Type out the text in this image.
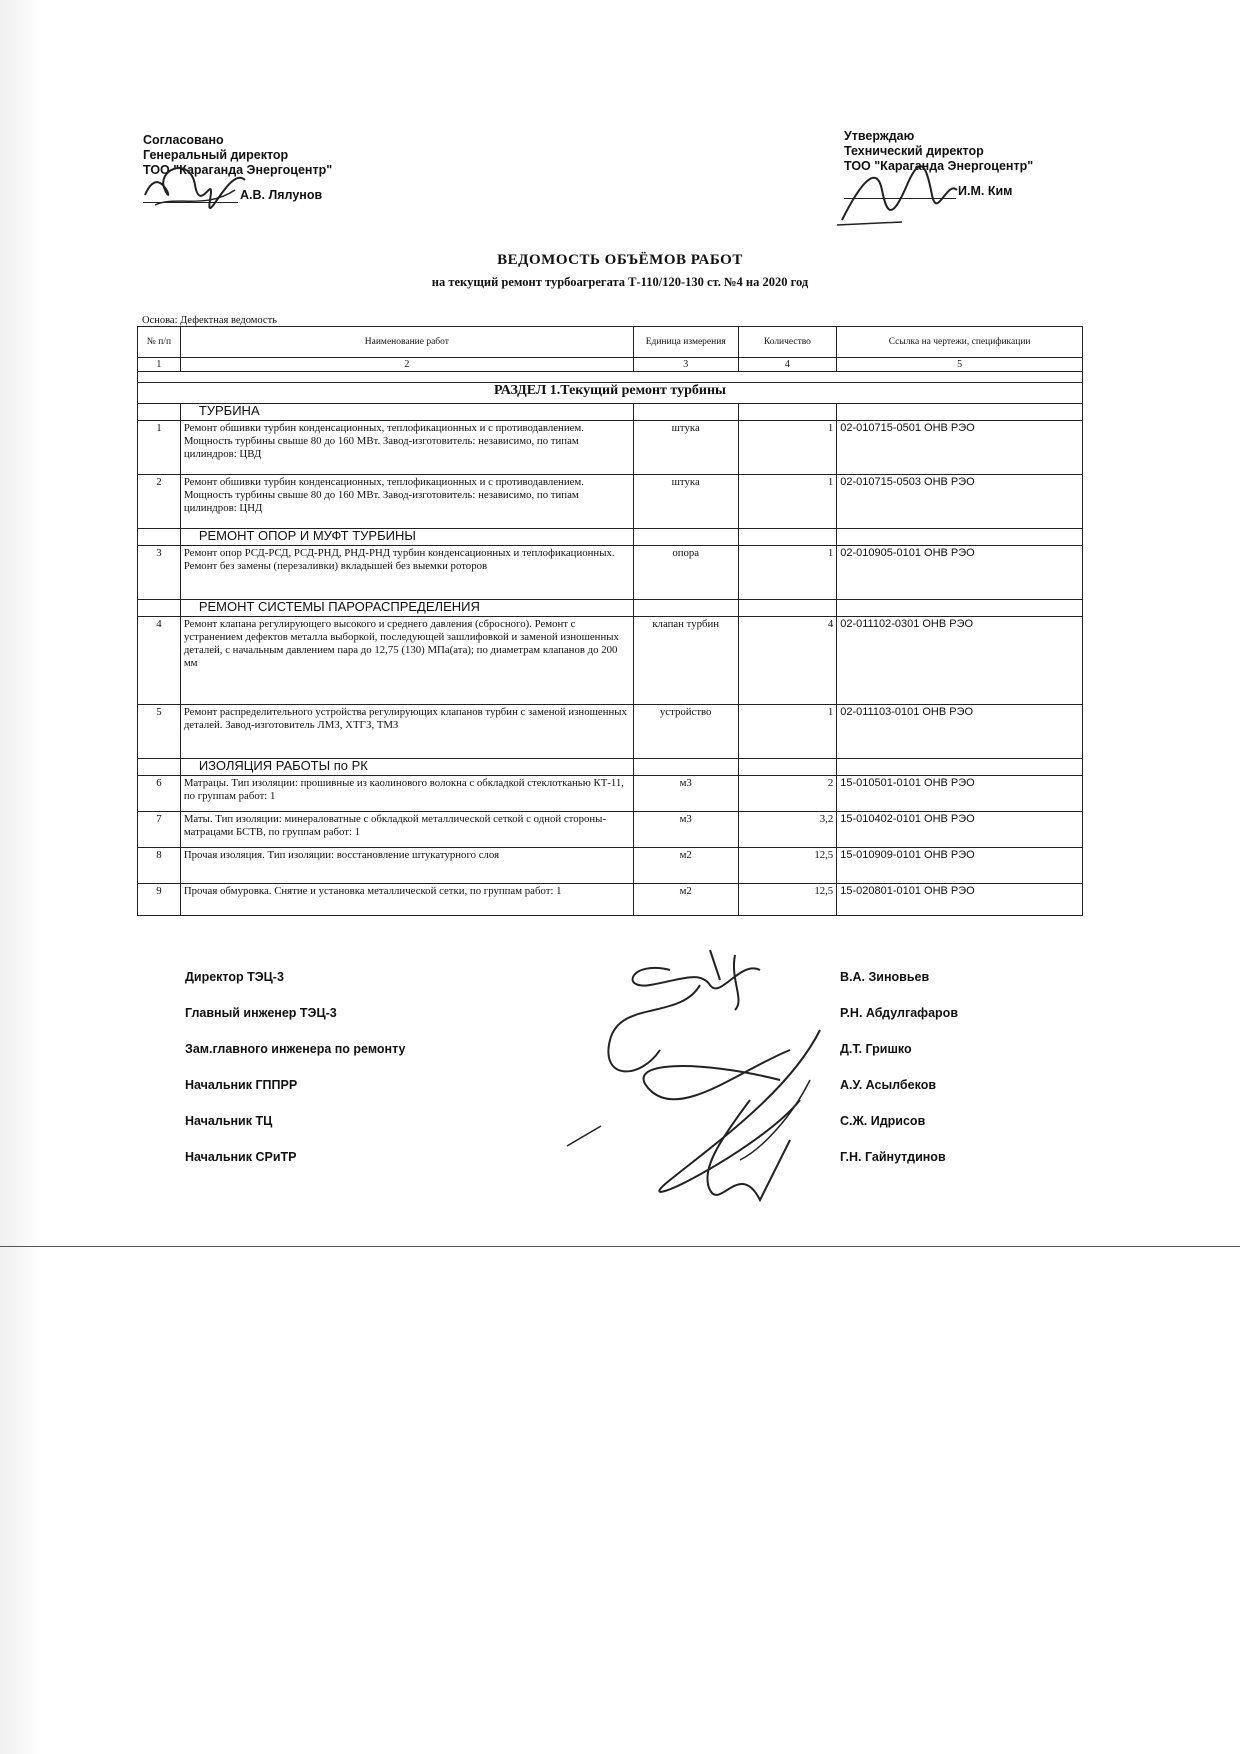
Согласовано
Генеральный директор
ТОО "Караганда Энергоцентр"
А.В. Лялунов
Утверждаю
Технический директор
ТОО "Караганда Энергоцентр"
И.М. Ким
ВЕДОМОСТЬ ОБЪЁМОВ РАБОТ
на текущий ремонт турбоагрегата Т-110/120-130 ст. №4 на 2020 год
Основа: Дефектная ведомость
№ п/п	Наименование работ	Единица измерения	Количество	Ссылка на чертежи, спецификации
1	2	3	4	5

РАЗДЕЛ 1.Текущий ремонт турбины				
	ТУРБИНА			
1	Ремонт обшивки турбин конденсационных, теплофикационных и с противодавлением. Мощность турбины свыше 80 до 160 МВт. Завод-изготовитель: независимо, по типам цилиндров: ЦВД	штука	1	02-010715-0501 ОНВ РЭО
2	Ремонт обшивки турбин конденсационных, теплофикационных и с противодавлением. Мощность турбины свыше 80 до 160 МВт. Завод-изготовитель: независимо, по типам цилиндров: ЦНД	штука	1	02-010715-0503 ОНВ РЭО
	РЕМОНТ ОПОР И МУФТ ТУРБИНЫ			
3	Ремонт опор РСД-РСД, РСД-РНД, РНД-РНД турбин конденсационных и теплофикационных. Ремонт без замены (перезаливки) вкладышей без выемки роторов	опора	1	02-010905-0101 ОНВ РЭО
	РЕМОНТ СИСТЕМЫ ПАРОРАСПРЕДЕЛЕНИЯ			
4	Ремонт клапана регулирующего высокого и среднего давления (сбросного). Ремонт с устранением дефектов металла выборкой, последующей зашлифовкой и заменой изношенных деталей, с начальным давлением пара до 12,75 (130) МПа(ата); по диаметрам клапанов до 200 мм	клапан турбин	4	02-011102-0301 ОНВ РЭО
5	Ремонт распределительного устройства регулирующих клапанов турбин с заменой изношенных деталей. Завод-изготовитель ЛМЗ, ХТГЗ, ТМЗ	устройство	1	02-011103-0101 ОНВ РЭО
	ИЗОЛЯЦИЯ РАБОТЫ по РК			
6	Матрацы. Тип изоляции: прошивные из каолинового волокна с обкладкой стеклотканью КТ-11, по группам работ: 1	м3	2	15-010501-0101 ОНВ РЭО
7	Маты. Тип изоляции: минераловатные с обкладкой металлической сеткой с одной стороны- матрацами БСТВ, по группам работ: 1	м3	3,2	15-010402-0101 ОНВ РЭО
8	Прочая изоляция. Тип изоляции: восстановление штукатурного слоя	м2	12,5	15-010909-0101 ОНВ РЭО
9	Прочая обмуровка. Снятие и установка металлической сетки, по группам работ: 1	м2	12,5	15-020801-0101 ОНВ РЭО
Директор ТЭЦ-3	В.А. Зиновьев
Главный инженер ТЭЦ-3	Р.Н. Абдулгафаров
Зам.главного инженера по ремонту	Д.Т. Гришко
Начальник ГППРР	А.У. Асылбеков
Начальник ТЦ	С.Ж. Идрисов
Начальник СРиТР	Г.Н. Гайнутдинов
